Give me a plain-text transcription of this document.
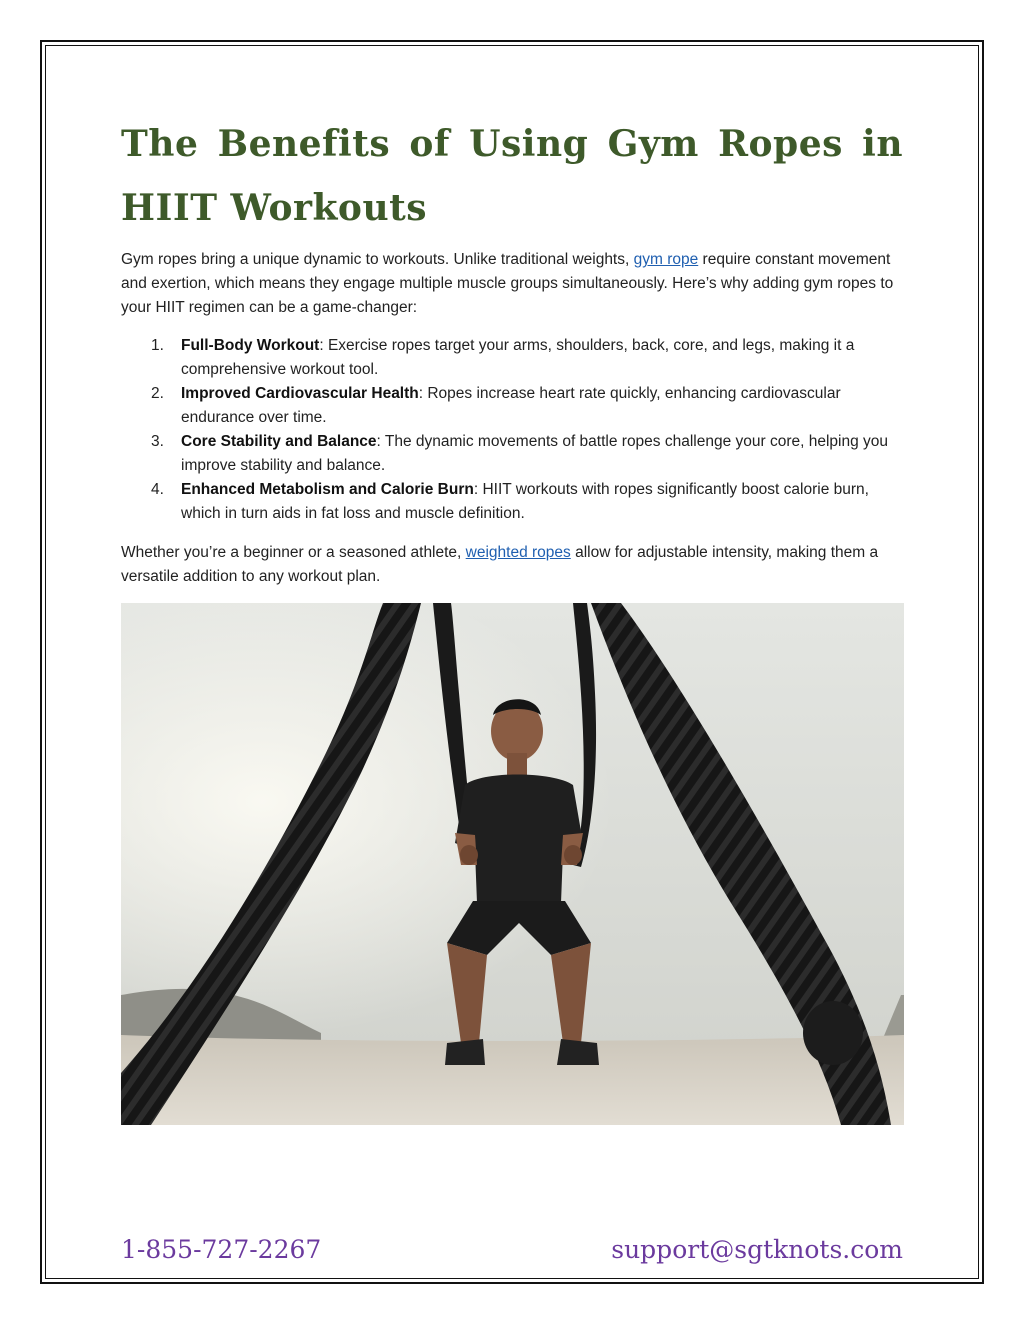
The Benefits of Using Gym Ropes in HIIT Workouts

Gym ropes bring a unique dynamic to workouts. Unlike traditional weights, gym rope require constant movement and exertion, which means they engage multiple muscle groups simultaneously. Here’s why adding gym ropes to your HIIT regimen can be a game-changer:

1. Full-Body Workout: Exercise ropes target your arms, shoulders, back, core, and legs, making it a comprehensive workout tool.
2. Improved Cardiovascular Health: Ropes increase heart rate quickly, enhancing cardiovascular endurance over time.
3. Core Stability and Balance: The dynamic movements of battle ropes challenge your core, helping you improve stability and balance.
4. Enhanced Metabolism and Calorie Burn: HIIT workouts with ropes significantly boost calorie burn, which in turn aids in fat loss and muscle definition.

Whether you’re a beginner or a seasoned athlete, weighted ropes allow for adjustable intensity, making them a versatile addition to any workout plan.

1-855-727-2267	support@sgtknots.com
